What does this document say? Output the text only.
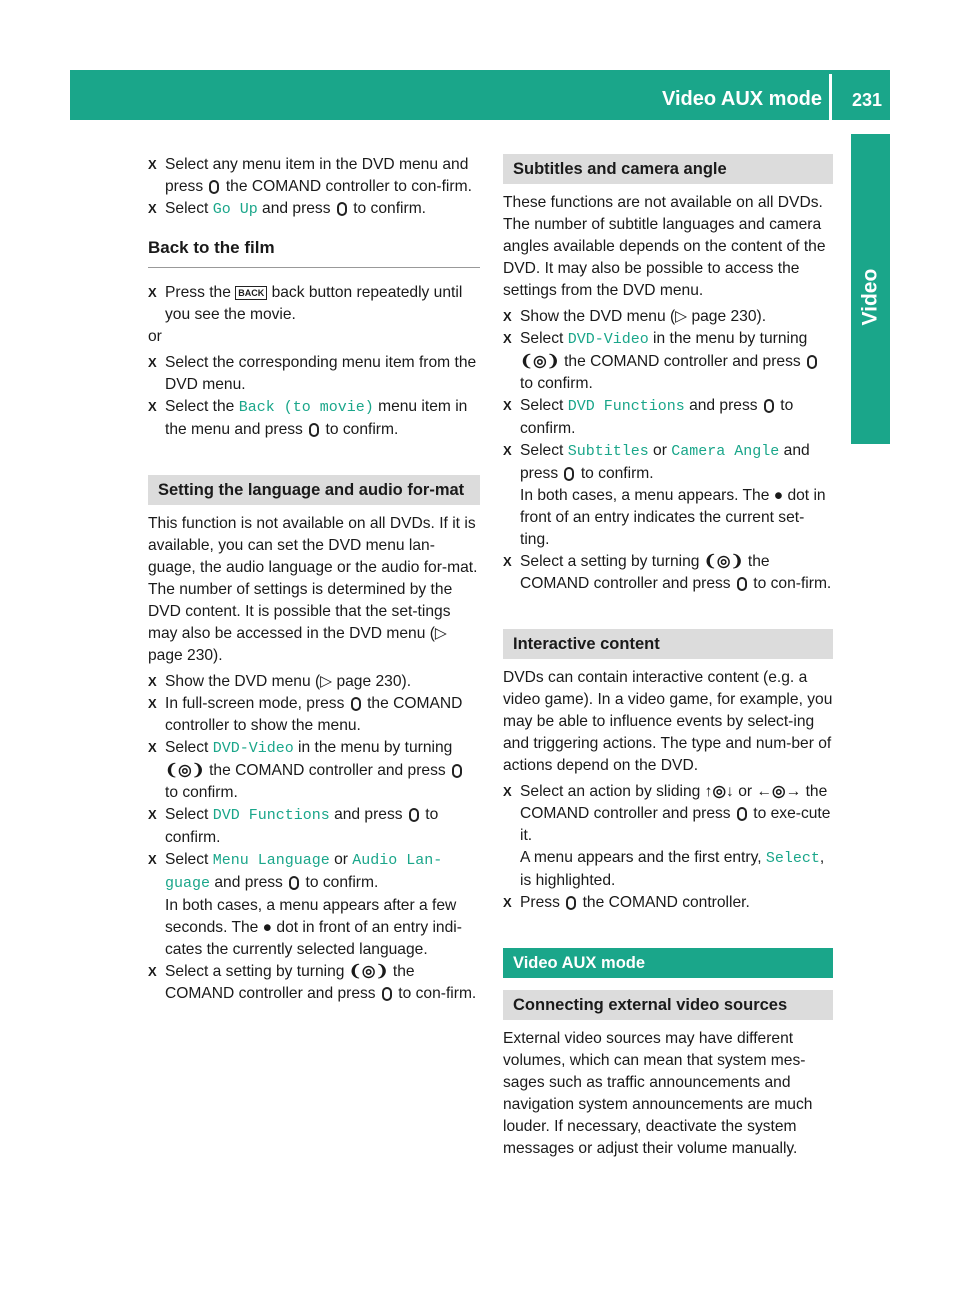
Video AUX mode 231
Video

X Select any menu item in the DVD menu and press  the COMAND controller to con-firm.

X Select Go Up and press to confirm.

Back to the film

X Press the BACK back button repeatedly until you see the movie.

or

X Select the corresponding menu item from the DVD menu.

X Select the Back (to movie) menu item in the menu and press to confirm.

Setting the language and audio for-mat

This function is not available on all DVDs. If it is available, you can set the DVD menu lan-guage, the audio language or the audio for-mat. The number of settings is determined by the DVD content. It is possible that the set-tings may also be accessed in the DVD menu (▷ page 230).

X Show the DVD menu (▷ page 230).

X In full-screen mode, press the COMAND controller to show the menu.

X Select DVD-Video in the menu by turning ❨◎❩ the COMAND controller and press  to confirm.

X Select DVD Functions and press to confirm.

X Select Menu Language or Audio Lan-guage and press to confirm.
In both cases, a menu appears after a few seconds. The ● dot in front of an entry indi-cates the currently selected language.

X Select a setting by turning ❨◎❩ the COMAND controller and press to con-firm.

Subtitles and camera angle

These functions are not available on all DVDs. The number of subtitle languages and camera angles available depends on the content of the DVD. It may also be possible to access the settings from the DVD menu.

X Show the DVD menu (▷ page 230).

X Select DVD-Video in the menu by turning ❨◎❩ the COMAND controller and press  to confirm.

X Select DVD Functions and press to confirm.

X Select Subtitles or Camera Angle and press to confirm.
In both cases, a menu appears. The ● dot in front of an entry indicates the current set-ting.

X Select a setting by turning ❨◎❩ the COMAND controller and press to con-firm.

Interactive content

DVDs can contain interactive content (e.g. a video game). In a video game, for example, you may be able to influence events by select-ing and triggering actions. The type and num-ber of actions depend on the DVD.

X Select an action by sliding ↑◎↓ or ←◎→ the COMAND controller and press to exe-cute it.
A menu appears and the first entry, Select, is highlighted.

X Press the COMAND controller.

Video AUX mode
Connecting external video sources

External video sources may have different volumes, which can mean that system mes-sages such as traffic announcements and navigation system announcements are much louder. If necessary, deactivate the system messages or adjust their volume manually.
